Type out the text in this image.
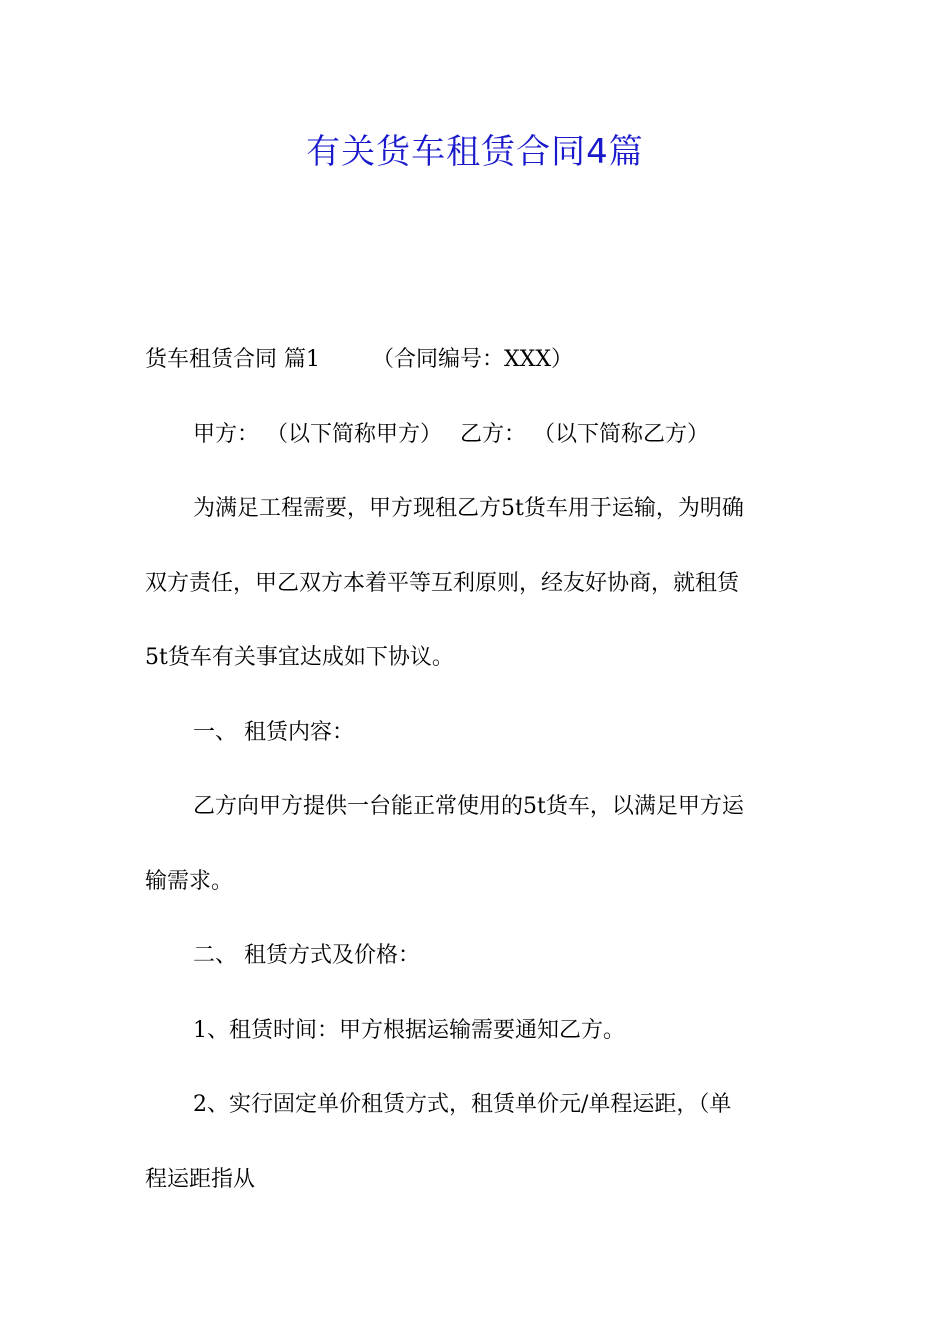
有关货车租赁合同4篇
货车租赁合同 篇1 （合同编号：XXX）
甲方： （以下简称甲方） 乙方： （以下简称乙方）
为满足工程需要，甲方现租乙方5t货车用于运输，为明确
双方责任，甲乙双方本着平等互利原则，经友好协商，就租赁
5t货车有关事宜达成如下协议。
一、 租赁内容：
乙方向甲方提供一台能正常使用的5t货车，以满足甲方运
输需求。
二、 租赁方式及价格：
1、租赁时间：甲方根据运输需要通知乙方。
2、实行固定单价租赁方式，租赁单价元/单程运距，（单
程运距指从
